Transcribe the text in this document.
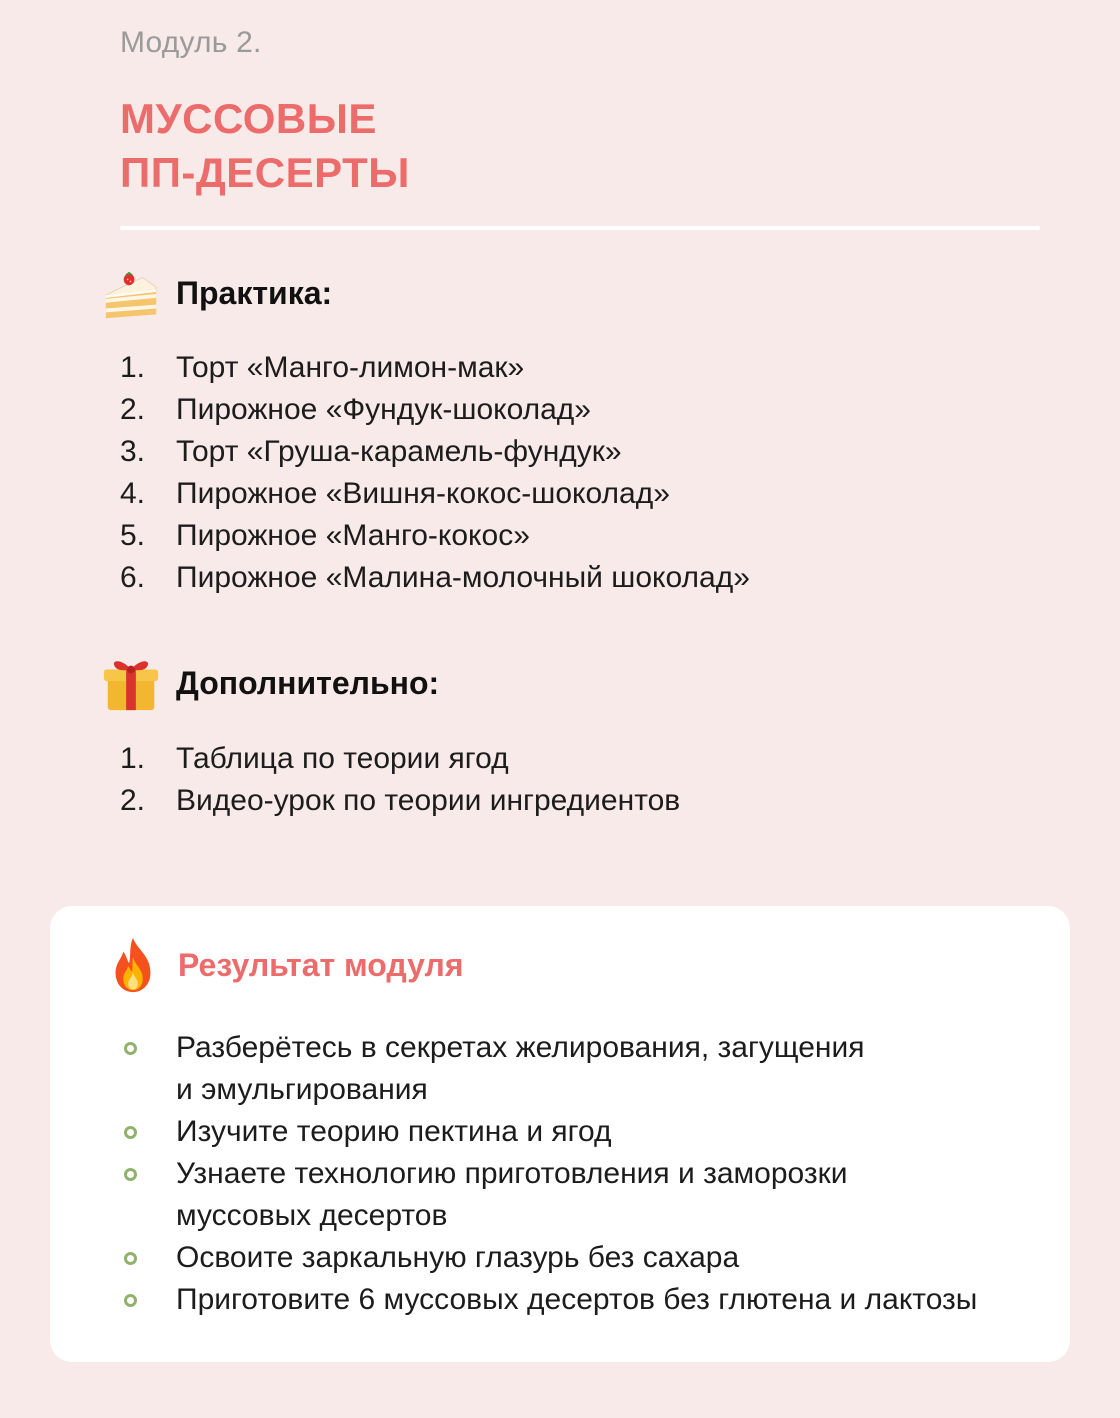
Модуль 2.
МУССОВЫЕ
ПП-ДЕСЕРТЫ
Практика:
1.	Торт «Манго-лимон-мак»
2.	Пирожное «Фундук-шоколад»
3.	Торт «Груша-карамель-фундук»
4.	Пирожное «Вишня-кокос-шоколад»
5.	Пирожное «Манго-кокос»
6.	Пирожное «Малина-молочный шоколад»
Дополнительно:
1.	Таблица по теории ягод
2.	Видео-урок по теории ингредиентов
Результат модуля
Разберётесь в секретах желирования, загущения
и эмульгирования
Изучите теорию пектина и ягод
Узнаете технологию приготовления и заморозки
муссовых десертов
Освоите заркальную глазурь без сахара
Приготовите 6 муссовых десертов без глютена и лактозы
